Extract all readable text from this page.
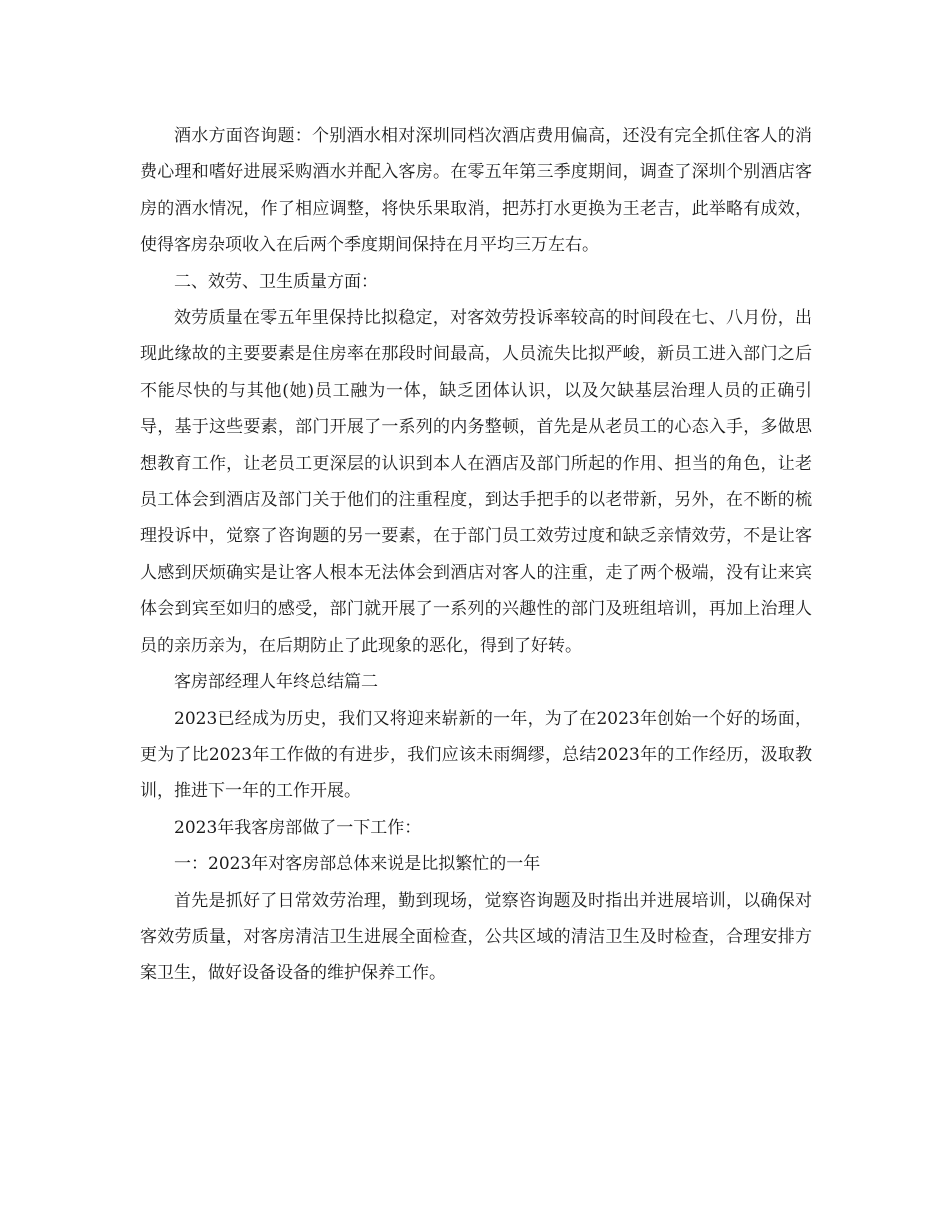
酒水方面咨询题：个别酒水相对深圳同档次酒店费用偏高，还没有完全抓住客人的消费心理和嗜好进展采购酒水并配入客房。在零五年第三季度期间，调查了深圳个别酒店客房的酒水情况，作了相应调整，将快乐果取消，把苏打水更换为王老吉，此举略有成效，使得客房杂项收入在后两个季度期间保持在月平均三万左右。

二、效劳、卫生质量方面：

效劳质量在零五年里保持比拟稳定，对客效劳投诉率较高的时间段在七、八月份，出现此缘故的主要要素是住房率在那段时间最高，人员流失比拟严峻，新员工进入部门之后不能尽快的与其他(她)员工融为一体，缺乏团体认识，以及欠缺基层治理人员的正确引导，基于这些要素，部门开展了一系列的内务整顿，首先是从老员工的心态入手，多做思想教育工作，让老员工更深层的认识到本人在酒店及部门所起的作用、担当的角色，让老员工体会到酒店及部门关于他们的注重程度，到达手把手的以老带新，另外，在不断的梳理投诉中，觉察了咨询题的另一要素，在于部门员工效劳过度和缺乏亲情效劳，不是让客人感到厌烦确实是让客人根本无法体会到酒店对客人的注重，走了两个极端，没有让来宾体会到宾至如归的感受，部门就开展了一系列的兴趣性的部门及班组培训，再加上治理人员的亲历亲为，在后期防止了此现象的恶化，得到了好转。

客房部经理人年终总结篇二

2023已经成为历史，我们又将迎来崭新的一年，为了在2023年创始一个好的场面，更为了比2023年工作做的有进步，我们应该未雨绸缪，总结2023年的工作经历，汲取教训，推进下一年的工作开展。

2023年我客房部做了一下工作：

一：2023年对客房部总体来说是比拟繁忙的一年

首先是抓好了日常效劳治理，勤到现场，觉察咨询题及时指出并进展培训，以确保对客效劳质量，对客房清洁卫生进展全面检查，公共区域的清洁卫生及时检查，合理安排方案卫生，做好设备设备的维护保养工作。
